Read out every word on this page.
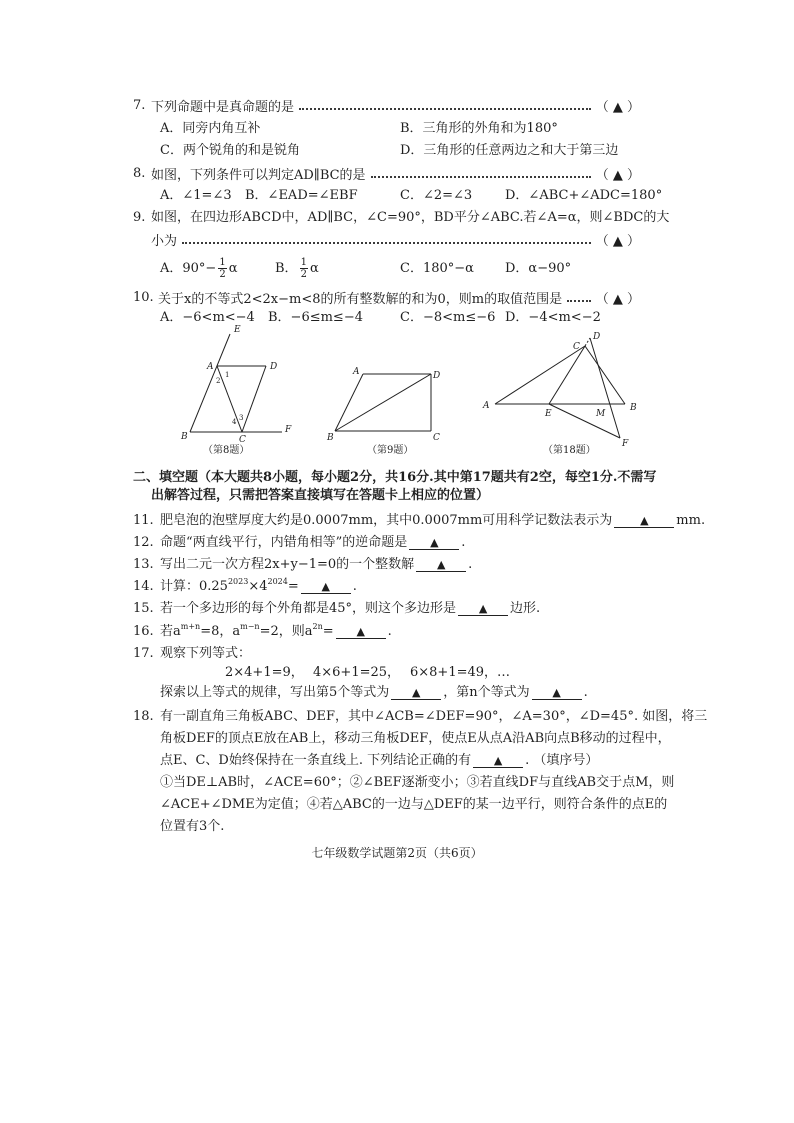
7. 下列命题中是真命题的是	（ ▲ ）
A．同旁内角互补	B．三角形的外角和为180°
C．两个锐角的和是锐角	D．三角形的任意两边之和大于第三边
8. 如图，下列条件可以判定AD∥BC的是	（ ▲ ）
A．∠1=∠3 B．∠EAD=∠EBF	C．∠2=∠3	D．∠ABC+∠ADC=180°
9. 如图，在四边形ABCD中，AD∥BC，∠C=90°，BD平分∠ABC.若∠A=α，则∠BDC的大
小为	（ ▲ ）
A．$90^\circ- \frac{1}{2}$ α	B． $\frac{1}{2}$ α	C．180°−α D．α−90°
10. 关于x的不等式2<2x−m<8的所有整数解的和为0，则m的取值范围是	（ ▲ ）
A．−6<m<−4 B．−6≤m≤−4	C．−8<m≤−6 D．−4<m<−2
E
A	D
B	C
F
1
2
3
4
（第8题）
A	D
B	C
（第9题）
A	B
C
D
E	M
F
（第18题）
二、填空题（本大题共8小题，每小题2分，共16分.其中第17题共有2空，每空1分.不需写
出解答过程，只需把答案直接填写在答题卡上相应的位置）
11. 肥皂泡的泡壁厚度大约是0.0007mm，其中0.0007mm可用科学记数法表示为	▲ mm.
12. 命题“两直线平行，内错角相等”的逆命题是 ▲ .
13. 写出二元一次方程2x+y−1=0的一个整数解 ▲ .
14. 计算：$0.25^{2023}\times 4^{2024}=$ ▲ .
15. 若一个多边形的每个外角都是45°，则这个多边形是 ▲ 边形.
16. 若$a^{m+n}=8$，$a^{m-n}=2$，则$a^{2n}=$ ▲ .
17. 观察下列等式：
2×4+1=9， 4×6+1=25， 6×8+1=49，…
探索以上等式的规律，写出第5个等式为 ▲ ，第n个等式为 ▲ .
18. 有一副直角三角板ABC、DEF，其中∠ACB=∠DEF=90°，∠A=30°，∠D=45°. 如图，将三
角板DEF的顶点E放在AB上，移动三角板DEF，使点E从点A沿AB向点B移动的过程中，
点E、C、D始终保持在一条直线上. 下列结论正确的有 ▲ . （填序号）
①当DE⊥AB时，∠ACE=60°；②∠BEF逐渐变小；③若直线DF与直线AB交于点M，则
∠ACE+∠DME为定值；④若△ABC的一边与△DEF的某一边平行，则符合条件的点E的
位置有3个.
七年级数学试题第2页（共6页）
